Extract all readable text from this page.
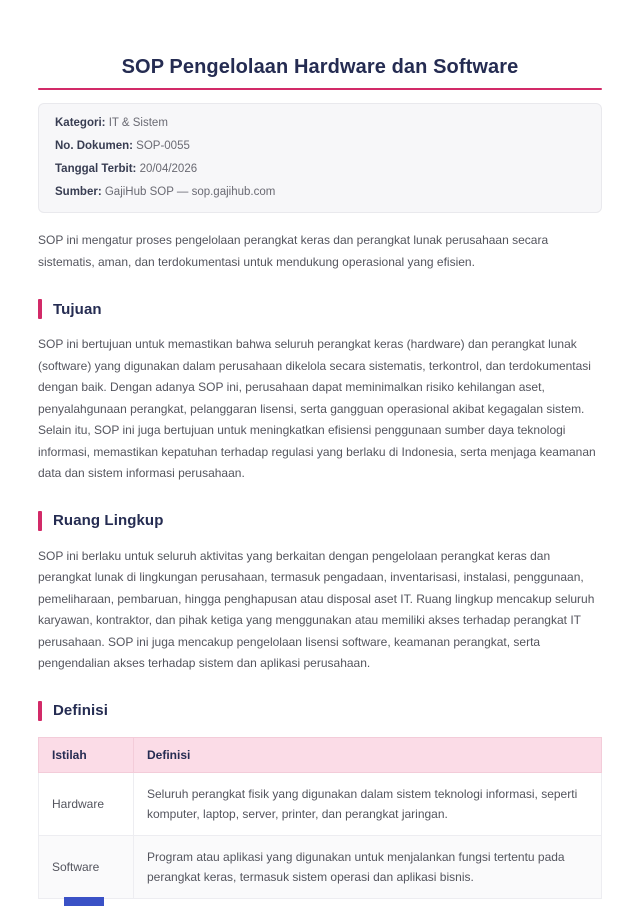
SOP Pengelolaan Hardware dan Software
Kategori: IT & Sistem
No. Dokumen: SOP-0055
Tanggal Terbit: 20/04/2026
Sumber: GajiHub SOP — sop.gajihub.com

SOP ini mengatur proses pengelolaan perangkat keras dan perangkat lunak perusahaan secara sistematis, aman, dan terdokumentasi untuk mendukung operasional yang efisien.

Tujuan

SOP ini bertujuan untuk memastikan bahwa seluruh perangkat keras (hardware) dan perangkat lunak (software) yang digunakan dalam perusahaan dikelola secara sistematis, terkontrol, dan terdokumentasi dengan baik. Dengan adanya SOP ini, perusahaan dapat meminimalkan risiko kehilangan aset, penyalahgunaan perangkat, pelanggaran lisensi, serta gangguan operasional akibat kegagalan sistem. Selain itu, SOP ini juga bertujuan untuk meningkatkan efisiensi penggunaan sumber daya teknologi informasi, memastikan kepatuhan terhadap regulasi yang berlaku di Indonesia, serta menjaga keamanan data dan sistem informasi perusahaan.

Ruang Lingkup

SOP ini berlaku untuk seluruh aktivitas yang berkaitan dengan pengelolaan perangkat keras dan perangkat lunak di lingkungan perusahaan, termasuk pengadaan, inventarisasi, instalasi, penggunaan, pemeliharaan, pembaruan, hingga penghapusan atau disposal aset IT. Ruang lingkup mencakup seluruh karyawan, kontraktor, dan pihak ketiga yang menggunakan atau memiliki akses terhadap perangkat IT perusahaan. SOP ini juga mencakup pengelolaan lisensi software, keamanan perangkat, serta pengendalian akses terhadap sistem dan aplikasi perusahaan.

Definisi
Istilah	Definisi
Hardware	Seluruh perangkat fisik yang digunakan dalam sistem teknologi informasi, seperti komputer, laptop, server, printer, dan perangkat jaringan.
Software	Program atau aplikasi yang digunakan untuk menjalankan fungsi tertentu pada perangkat keras, termasuk sistem operasi dan aplikasi bisnis.
